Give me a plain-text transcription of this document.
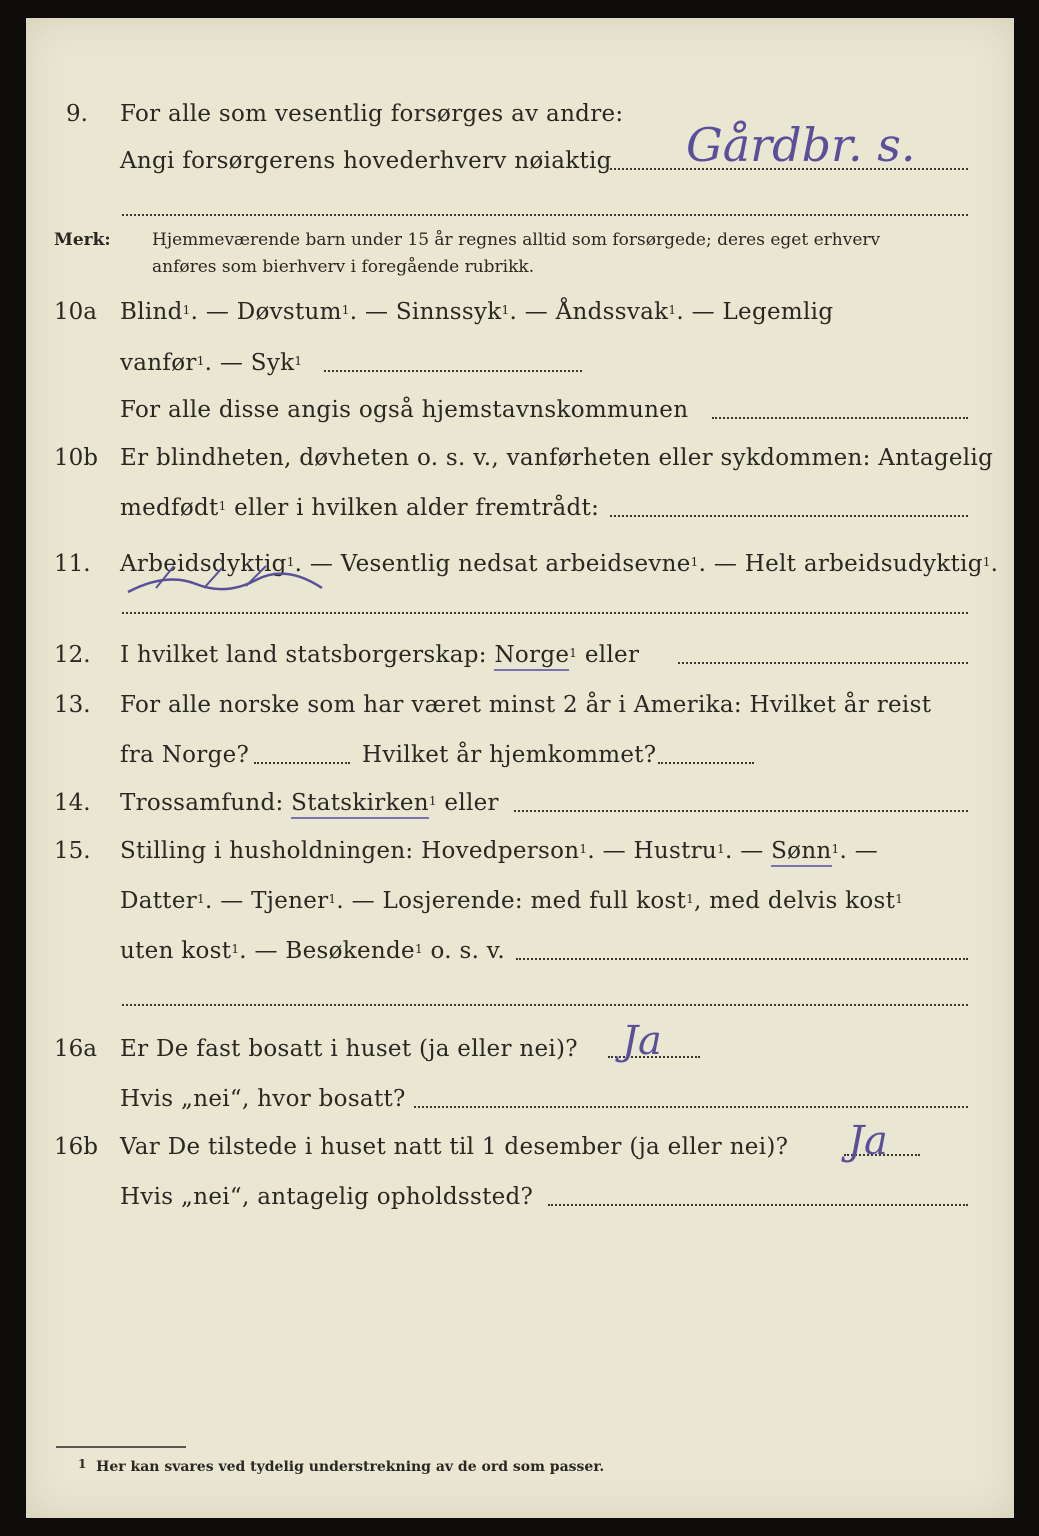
9. For alle som vesentlig forsørges av andre:
Angi forsørgerens hovederhverv nøiaktig Gårdbr. s.
Merk: Hjemmeværende barn under 15 år regnes alltid som forsørgede; deres eget erhverv
anføres som bierhverv i foregående rubrikk.
10a Blind$^1$. — Døvstum$^1$. — Sinnssyk$^1$. — Åndssvak$^1$. — Legemlig
vanfør$^1$. — Syk$^1$
For alle disse angis også hjemstavnskommunen
10b Er blindheten, døvheten o. s. v., vanførheten eller sykdommen: Antagelig
medfødt$^1$ eller i hvilken alder fremtrådt:
11. Arbeidsdyktig$^1$. — Vesentlig nedsat arbeidsevne$^1$. — Helt arbeidsudyktig$^1$.
12. I hvilket land statsborgerskap: Norge$^1$ eller
13. For alle norske som har været minst 2 år i Amerika: Hvilket år reist
fra Norge?	Hvilket år hjemkommet?
14. Trossamfund: Statskirken$^1$ eller
15. Stilling i husholdningen: Hovedperson$^1$. — Hustru$^1$. — Sønn$^1$. —
Datter$^1$. — Tjener$^1$. — Losjerende: med full kost$^1$, med delvis kost$^1$
uten kost$^1$. — Besøkende$^1$ o. s. v.
16a Er De fast bosatt i huset (ja eller nei)? Ja
Hvis „nei“, hvor bosatt?
16b Var De tilstede i huset natt til 1 desember (ja eller nei)? Ja
Hvis „nei“, antagelig opholdssted?
$^1$ Her kan svares ved tydelig understrekning av de ord som passer.
